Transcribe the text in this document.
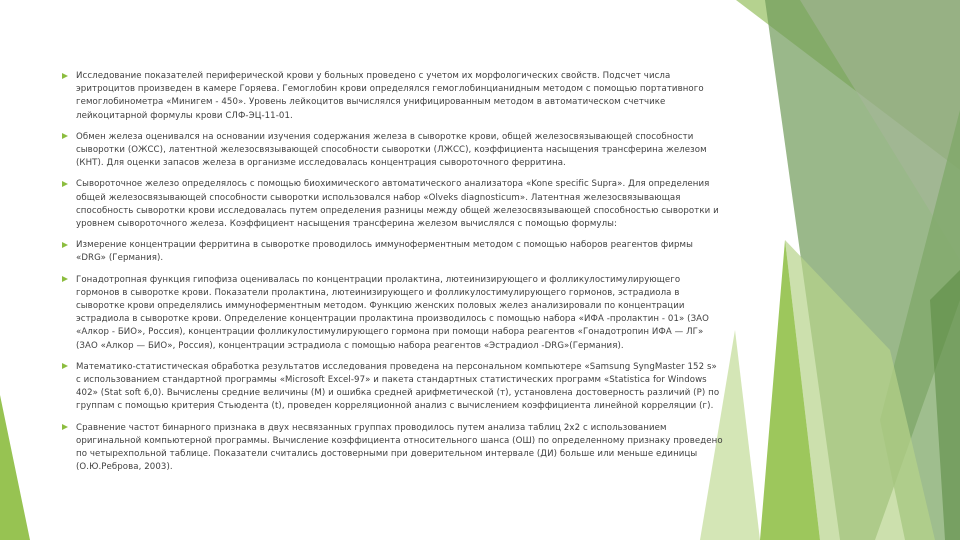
Исследование показателей периферической крови у больных проведено с учетом их морфологических свойств. Подсчет числа эритроцитов произведен в камере Горяева. Гемоглобин крови определялся гемоглобинцианидным методом с помощью портативного гемоглобинометра «Минигем - 450». Уровень лейкоцитов вычислялся унифицированным методом в автоматическом счетчике лейкоцитарной формулы крови СЛФ-ЭЦ-11-01.
Обмен железа оценивался на основании изучения содержания железа в сыворотке крови, общей железосвязывающей способности сыворотки (ОЖСС), латентной железосвязывающей способности сыворотки (ЛЖСС), коэффициента насыщения трансферина железом (КНТ). Для оценки запасов железа в организме исследовалась концентрация сывороточного ферритина.
Сывороточное железо определялось с помощью биохимического автоматического анализатора «Kone specific Supra». Для определения общей железосвязывающей способности сыворотки использовался набор «Olveks diagnosticum». Латентная железосвязывающая способность сыворотки крови исследовалась путем определения разницы между общей железосвязывающей способностью сыворотки и уровнем сывороточного железа. Коэффициент насыщения трансферина железом вычислялся с помощью формулы:
Измерение концентрации ферритина в сыворотке проводилось иммуноферментным методом с помощью наборов реагентов фирмы «DRG» (Германия).
Гонадотропная функция гипофиза оценивалась по концентрации пролактина, лютеинизирующего и фолликулостимулирующего гормонов в сыворотке крови. Показатели пролактина, лютеинизирующего и фолликулостимулирующего гормонов, эстрадиола в сыворотке крови определялись иммуноферментным методом. Функцию женских половых желез анализировали по концентрации эстрадиола в сыворотке крови. Определение концентрации пролактина производилось с помощью набора «ИФА -пролактин - 01» (ЗАО «Алкор - БИО», Россия), концентрации фолликулостимулирующего гормона при помощи набора реагентов «Гонадотропин ИФА — ЛГ» (ЗАО «Алкор — БИО», Россия), концентрации эстрадиола с помощью набора реагентов «Эстрадиол -DRG»(Германия).
Математико-статистическая обработка результатов исследования проведена на персональном компьютере «Samsung SyngMaster 152 s» с использованием стандартной программы «Microsoft Excel-97» и пакета стандартных статистических программ «Statistica for Windows 402» (Stat soft 6,0). Вычислены средние величины (М) и ошибка средней арифметической (т), установлена достоверность различий (Р) по группам с помощью критерия Стьюдента (t), проведен корреляционной анализ с вычислением коэффициента линейной корреляции (г).
Сравнение частот бинарного признака в двух несвязанных группах проводилось путем анализа таблиц 2х2 с использованием оригинальной компьютерной программы. Вычисление коэффициента относительного шанса (ОШ) по определенному признаку проведено по четырехпольной таблице. Показатели считались достоверными при доверительном интервале (ДИ) больше или меньше единицы (О.Ю.Реброва, 2003).
